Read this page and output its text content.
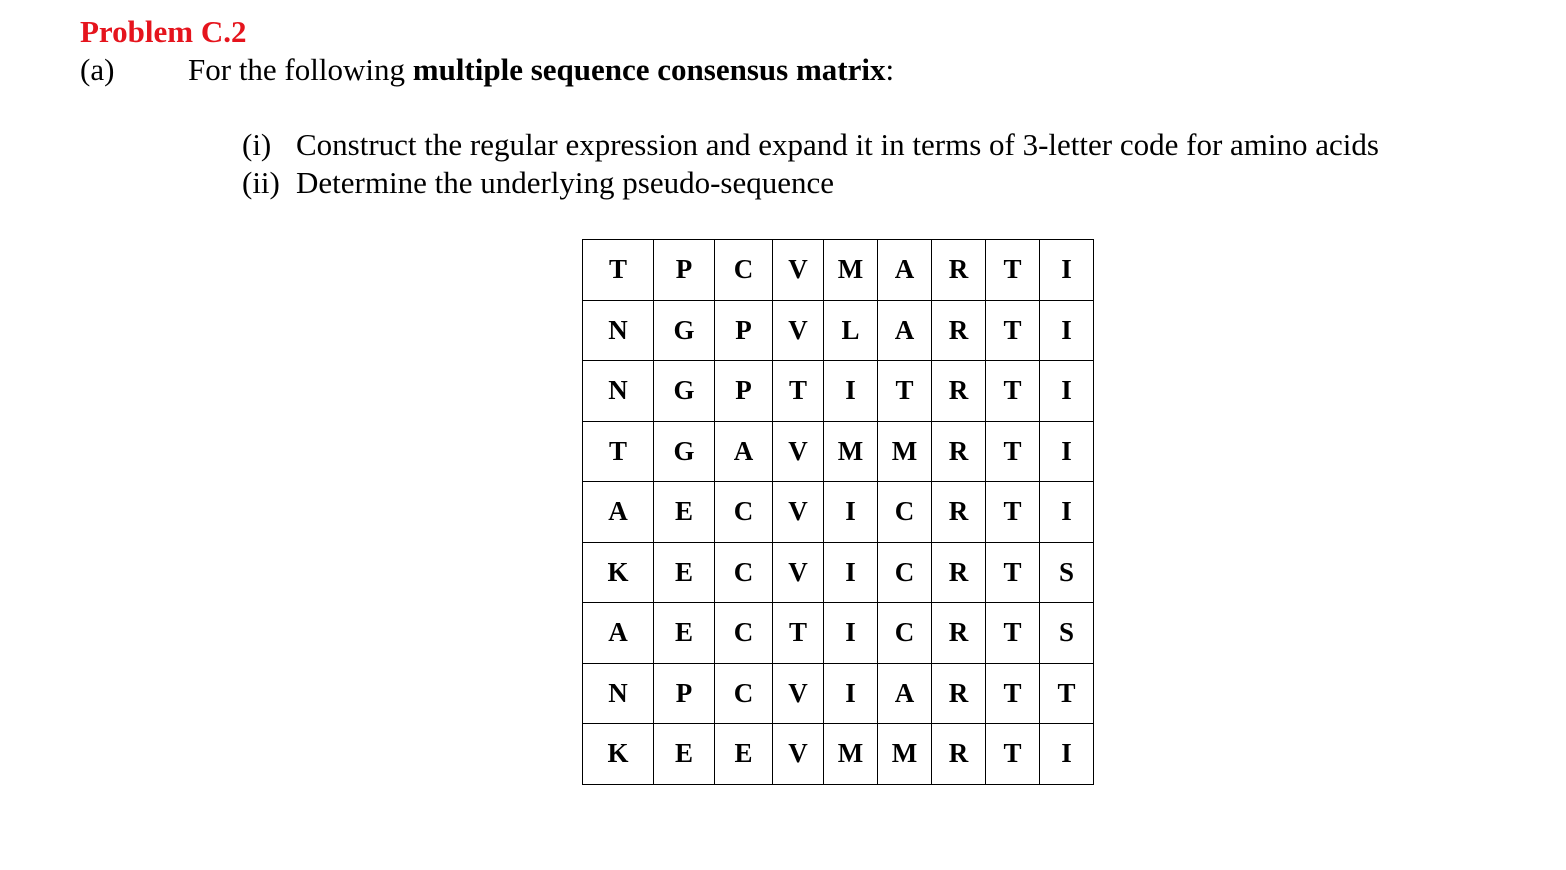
Problem C.2
(a) For the following multiple sequence consensus matrix:
(i) Construct the regular expression and expand it in terms of 3-letter code for amino acids
(ii) Determine the underlying pseudo-sequence
T	P	C	V	M	A	R	T	I
N	G	P	V	L	A	R	T	I
N	G	P	T	I	T	R	T	I
T	G	A	V	M	M	R	T	I
A	E	C	V	I	C	R	T	I
K	E	C	V	I	C	R	T	S
A	E	C	T	I	C	R	T	S
N	P	C	V	I	A	R	T	T
K	E	E	V	M	M	R	T	I
